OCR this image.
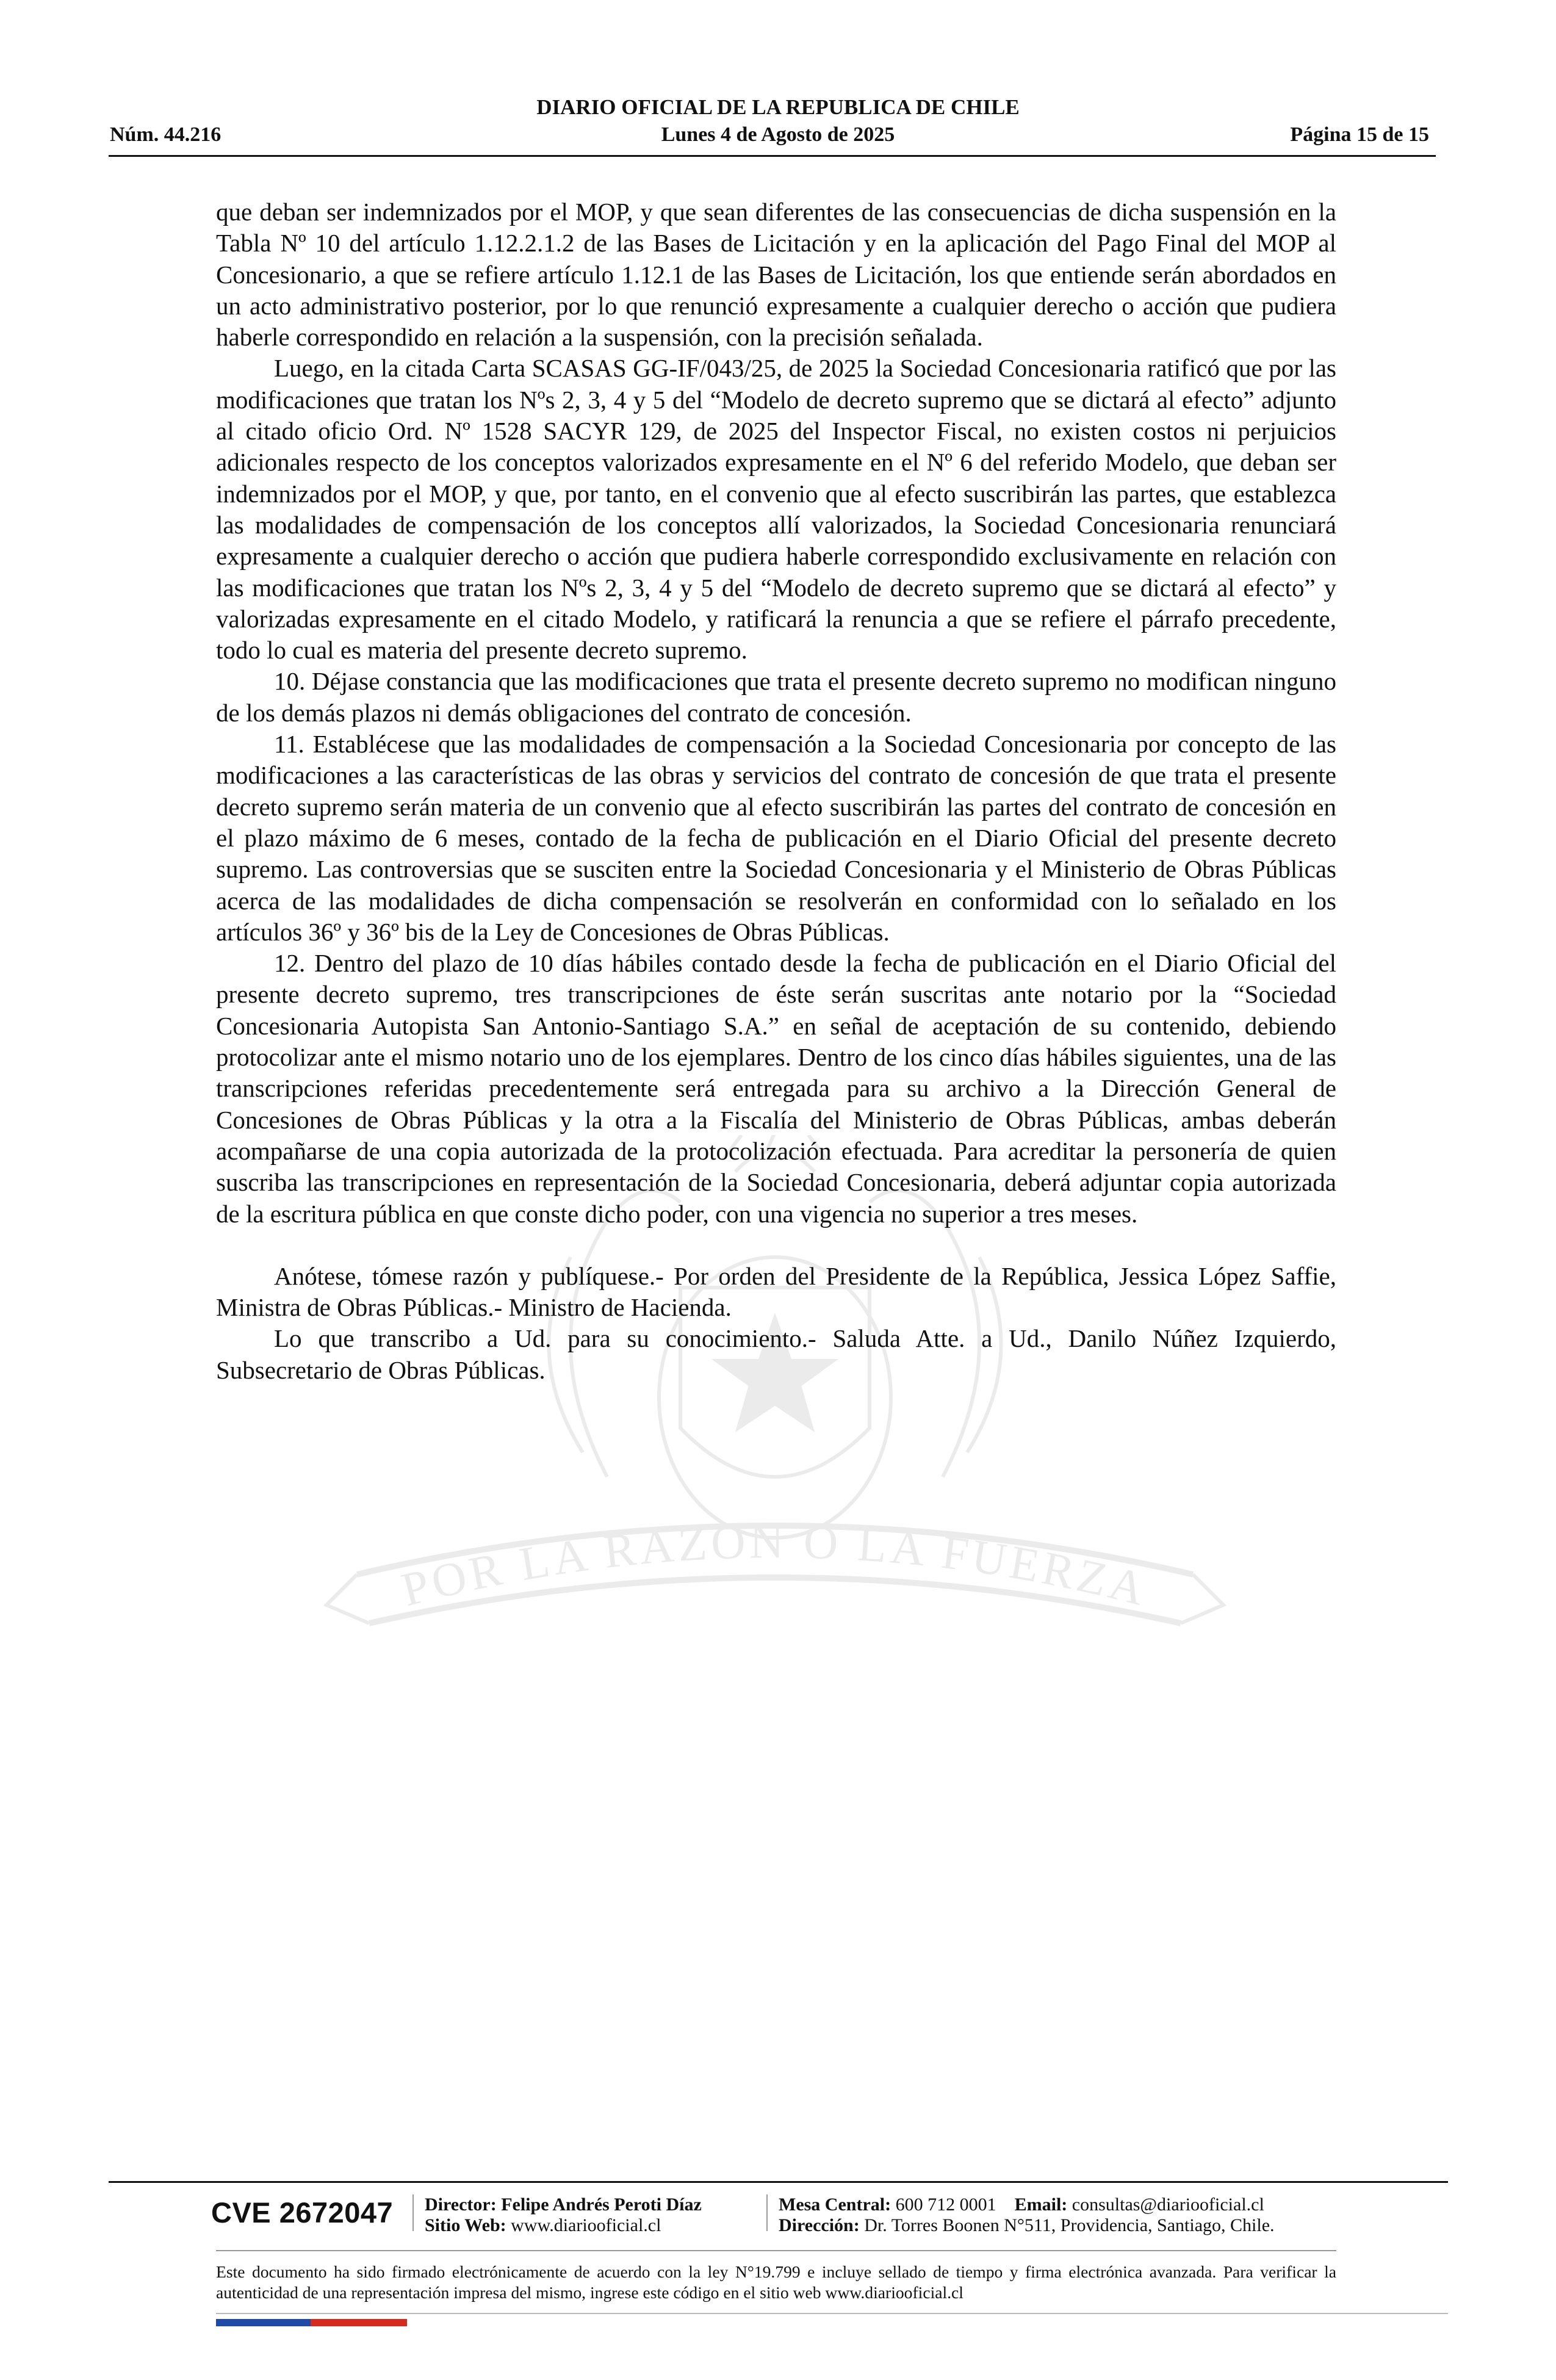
POR LA RAZON O LA FUERZA
DIARIO OFICIAL DE LA REPUBLICA DE CHILE
Núm. 44.216	Lunes 4 de Agosto de 2025	Página 15 de 15

que deban ser indemnizados por el MOP, y que sean diferentes de las consecuencias de dicha suspensión en la Tabla Nº 10 del artículo 1.12.2.1.2 de las Bases de Licitación y en la aplicación del Pago Final del MOP al Concesionario, a que se refiere artículo 1.12.1 de las Bases de Licitación, los que entiende serán abordados en un acto administrativo posterior, por lo que renunció expresamente a cualquier derecho o acción que pudiera haberle correspondido en relación a la suspensión, con la precisión señalada.

Luego, en la citada Carta SCASAS GG-IF/043/25, de 2025 la Sociedad Concesionaria ratificó que por las modificaciones que tratan los Nºs 2, 3, 4 y 5 del “Modelo de decreto supremo que se dictará al efecto” adjunto al citado oficio Ord. Nº 1528 SACYR 129, de 2025 del Inspector Fiscal, no existen costos ni perjuicios adicionales respecto de los conceptos valorizados expresamente en el Nº 6 del referido Modelo, que deban ser indemnizados por el MOP, y que, por tanto, en el convenio que al efecto suscribirán las partes, que establezca las modalidades de compensación de los conceptos allí valorizados, la Sociedad Concesionaria renunciará expresamente a cualquier derecho o acción que pudiera haberle correspondido exclusivamente en relación con las modificaciones que tratan los Nºs 2, 3, 4 y 5 del “Modelo de decreto supremo que se dictará al efecto” y valorizadas expresamente en el citado Modelo, y ratificará la renuncia a que se refiere el párrafo precedente, todo lo cual es materia del presente decreto supremo.

10. Déjase constancia que las modificaciones que trata el presente decreto supremo no modifican ninguno de los demás plazos ni demás obligaciones del contrato de concesión.

11. Establécese que las modalidades de compensación a la Sociedad Concesionaria por concepto de las modificaciones a las características de las obras y servicios del contrato de concesión de que trata el presente decreto supremo serán materia de un convenio que al efecto suscribirán las partes del contrato de concesión en el plazo máximo de 6 meses, contado de la fecha de publicación en el Diario Oficial del presente decreto supremo. Las controversias que se susciten entre la Sociedad Concesionaria y el Ministerio de Obras Públicas acerca de las modalidades de dicha compensación se resolverán en conformidad con lo señalado en los artículos 36º y 36º bis de la Ley de Concesiones de Obras Públicas.

12. Dentro del plazo de 10 días hábiles contado desde la fecha de publicación en el Diario Oficial del presente decreto supremo, tres transcripciones de éste serán suscritas ante notario por la “Sociedad Concesionaria Autopista San Antonio-Santiago S.A.” en señal de aceptación de su contenido, debiendo protocolizar ante el mismo notario uno de los ejemplares. Dentro de los cinco días hábiles siguientes, una de las transcripciones referidas precedentemente será entregada para su archivo a la Dirección General de Concesiones de Obras Públicas y la otra a la Fiscalía del Ministerio de Obras Públicas, ambas deberán acompañarse de una copia autorizada de la protocolización efectuada. Para acreditar la personería de quien suscriba las transcripciones en representación de la Sociedad Concesionaria, deberá adjuntar copia autorizada de la escritura pública en que conste dicho poder, con una vigencia no superior a tres meses.

Anótese, tómese razón y publíquese.- Por orden del Presidente de la República, Jessica López Saffie, Ministra de Obras Públicas.- Ministro de Hacienda.

Lo que transcribo a Ud. para su conocimiento.- Saluda Atte. a Ud., Danilo Núñez Izquierdo, Subsecretario de Obras Públicas.

CVE 2672047 Director: Felipe Andrés Peroti Díaz
Sitio Web: www.diariooficial.cl
Mesa Central: 600 712 0001 Email: consultas@diariooficial.cl
Dirección: Dr. Torres Boonen N°511, Providencia, Santiago, Chile.
Este documento ha sido firmado electrónicamente de acuerdo con la ley N°19.799 e incluye sellado de tiempo y firma electrónica avanzada. Para verificar la autenticidad de una representación impresa del mismo, ingrese este código en el sitio web www.diariooficial.cl
